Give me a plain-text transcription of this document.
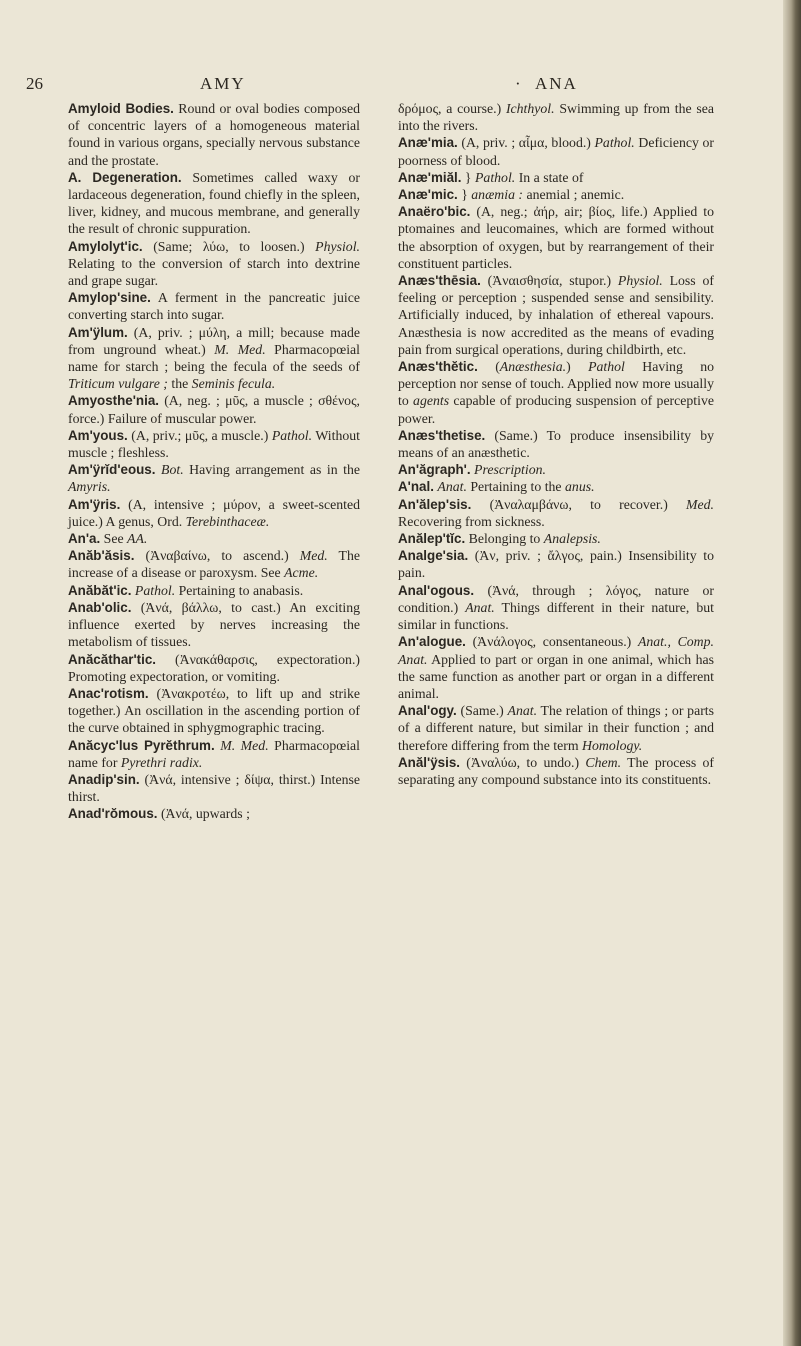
26	AMY	· ANA

Amyloid Bodies. Round or oval bodies composed of concentric layers of a homogeneous material found in various organs, specially nervous substance and the prostate.

A. Degeneration. Sometimes called waxy or lardaceous degeneration, found chiefly in the spleen, liver, kidney, and mucous membrane, and generally the result of chronic suppuration.

Amylolyt'ic. (Same; λύω, to loosen.) Physiol. Relating to the conversion of starch into dextrine and grape sugar.

Amylop'sine. A ferment in the pancreatic juice converting starch into sugar.

Am'ÿlum. (A, priv. ; μύλη, a mill; because made from unground wheat.) M. Med. Pharmacopœial name for starch ; being the fecula of the seeds of Triticum vulgare ; the Seminis fecula.

Amyosthe'nia. (A, neg. ; μῦς, a muscle ; σθένος, force.) Failure of muscular power.

Am'yous. (A, priv.; μῦς, a muscle.) Pathol. Without muscle ; fleshless.

Am'ÿrĭd'eous. Bot. Having arrangement as in the Amyris.

Am'ÿris. (A, intensive ; μύρον, a sweet-scented juice.) A genus, Ord. Terebinthaceæ.

An'a. See AA.

Anăb'ăsis. (Ἀναβαίνω, to ascend.) Med. The increase of a disease or paroxysm. See Acme.

Anăbăt'ic. Pathol. Pertaining to anabasis.

Anab'olic. (Ἀνά, βάλλω, to cast.) An exciting influence exerted by nerves increasing the metabolism of tissues.

Anăcăthar'tic. (Ἀνακάθαρσις, expectoration.) Promoting expectoration, or vomiting.

Anac'rotism. (Ἀνακροτέω, to lift up and strike together.) An oscillation in the ascending portion of the curve obtained in sphygmographic tracing.

Anăcyc'lus Pyrĕthrum. M. Med. Pharmacopœial name for Pyrethri radix.

Anadip'sin. (Ἀνά, intensive ; δίψα, thirst.) Intense thirst.

Anad'rŏmous. (Ἀνά, upwards ;

δρόμος, a course.) Ichthyol. Swimming up from the sea into the rivers.

Anæ'mia. (A, priv. ; αἷμα, blood.) Pathol. Deficiency or poorness of blood.

Anæ'miăl. } Pathol. In a state of

Anæ'mic. } anæmia : anemial ; anemic.

Anaëro'bic. (A, neg.; ἀήρ, air; βίος, life.) Applied to ptomaines and leucomaines, which are formed without the absorption of oxygen, but by rearrangement of their constituent particles.

Anæs'thēsia. (Ἀναισθησία, stupor.) Physiol. Loss of feeling or perception ; suspended sense and sensibility. Artificially induced, by inhalation of ethereal vapours. Anæsthesia is now accredited as the means of evading pain from surgical operations, during childbirth, etc.

Anæs'thĕtic. (Anæsthesia.) Pathol Having no perception nor sense of touch. Applied now more usually to agents capable of producing suspension of perceptive power.

Anæs'thetise. (Same.) To produce insensibility by means of an anæsthetic.

An'ăgraph'. Prescription.

A'nal. Anat. Pertaining to the anus.

An'ălep'sis. (Ἀναλαμβάνω, to recover.) Med. Recovering from sickness.

Anălep'tĭc. Belonging to Analepsis.

Analge'sia. (Ἀν, priv. ; ἄλγος, pain.) Insensibility to pain.

Anal'ogous. (Ἀνά, through ; λόγος, nature or condition.) Anat. Things different in their nature, but similar in functions.

An'alogue. (Ἀνάλογος, consentaneous.) Anat., Comp. Anat. Applied to part or organ in one animal, which has the same function as another part or organ in a different animal.

Anal'ogy. (Same.) Anat. The relation of things ; or parts of a different nature, but similar in their function ; and therefore differing from the term Homology.

Anăl'ÿsis. (Ἀναλύω, to undo.) Chem. The process of separating any compound substance into its constituents.
